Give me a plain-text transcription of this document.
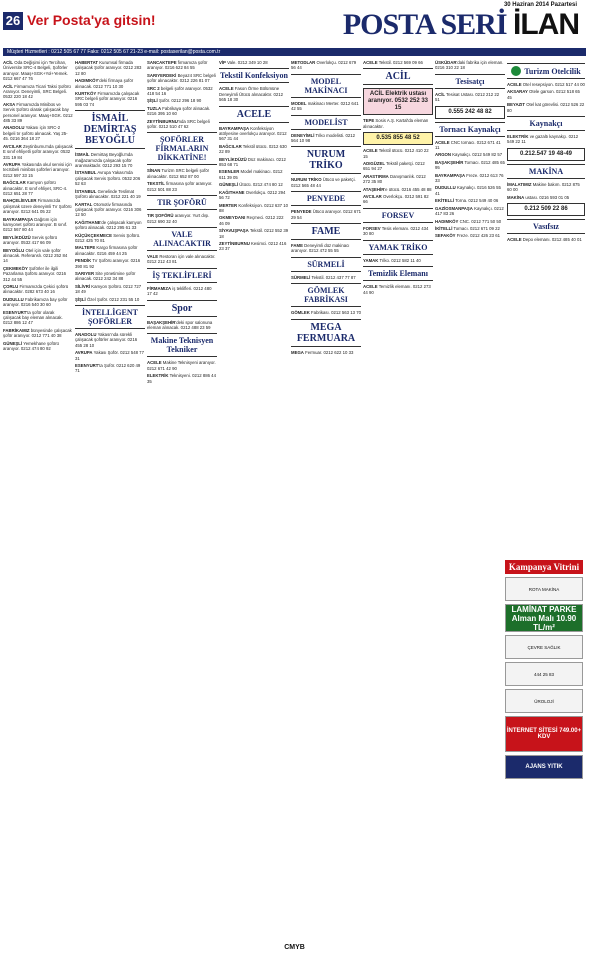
30 Haziran 2014 Pazartesi
26 Ver Posta'ya gitsin!	POSTA SERİ İLAN
Müşteri Hizmetleri : 0212 505 67 77 Faks: 0212 505 67 21-23 e-mail: postaserilan@posta.com.tr

ACİL Oda Değişimi için Tercihan, Üniversite SRC-4 Belgeli, Şoförler aranıyor. Maaş+SGK+Yol+Yemek. 0212 667 47 76

ACİL Firmamıza Ticari Taksi Şoförü Aranıyor. Deneyimli, SRC Belgeli. 0532 220 18 42

AKSA Firmamızda Minibüs ve Servis Şoförü olarak çalışacak bay personel aranıyor. Maaş+SGK. 0212 485 33 89

ANADOLU Yakası için SRC-2 belgeli tır şoförü alınacak. Yaş 25-45. 0216 364 18 27

AVCILAR Zeytinburnu'nda çalışacak E sınıf ehliyetli şoför aranıyor. 0532 331 19 84

AVRUPA Yakasında okul servisi için tecrübeli minibüs şoförleri aranıyor. 0212 597 33 15

BAĞCILAR Kamyon şoförü alınacaktır. E sınıf ehliyet, SRC-4. 0212 651 28 77

BAHÇELİEVLER Firmamızda çalışmak üzere deneyimli Tır Şoförü aranıyor. 0212 641 05 22

BAYRAMPAŞA Dağıtım için kamyonet şoförü aranıyor. B sınıf. 0212 567 80 44

BEYLİKDÜZÜ Servis şoförü aranıyor. 0532 417 66 09

BEYOĞLU Otel için vale şoför alınacak. Referanslı. 0212 252 84 14

ÇEKMEKÖY Şoförler ile ilgili Pazarlama Şoförü aranıyor. 0216 312 44 55

ÇORLU Firmamızda Çekici şoförü alınacaktır. 0282 673 40 16

DUDULLU Fabrikamıza bay şoför aranıyor. 0216 540 30 60

ESENYURT'ta şoför olarak çalışacak bay eleman alınacak. 0212 886 12 47

FABRİKAMIZ bünyesinde çalışacak şoför aranıyor. 0212 771 40 38

GÜNEŞLİ Yemekhane şoförü aranıyor. 0212 474 80 92

HABERTAT Kurumsal firmada çalışacak Şoför aranıyor. 0212 283 12 80

HADIMKÖY'deki firmaya şoför alınacak. 0212 771 10 30

KURTKÖY Firmamızda çalışacak SRC belgeli şoför aranıyor. 0216 595 03 74

İSMAİL DEMİRTAŞ BEYOĞLU

İSMAİL Demirtaş Beyoğlu'nda mağazamızda çalışacak şoför aranmaktadır. 0212 293 15 70

İSTANBUL Avrupa Yakası'nda çalışacak Servis Şoförü. 0532 206 52 63

İSTANBUL Genelinde Teslimat Şoförü alınacaktır. 0212 221 40 19

KARTAL Otomotiv firmasında çalışacak Şoför aranıyor. 0216 306 12 50

KAĞITHANE'de çalışacak kamyon şoförü alınacak. 0212 295 61 33

KÜÇÜKÇEKMECE Servis Şoförü. 0212 425 70 81

MALTEPE Kargo firmasına şoför alınacaktır. 0216 459 44 25

PENDİK Tır Şoförü aranıyor. 0216 390 81 92

SARIYER Site yönetimine şoför alınacak. 0212 242 34 88

SİLİVRİ Kamyon Şoförü. 0212 727 18 49

ŞİŞLİ Özel Şoför. 0212 231 55 10

İNTELLİGENT ŞOFÖRLER

ANADOLU Yakası'nda sürekli çalışacak şoförler aranıyor. 0216 455 28 10

AVRUPA Yakası Şoför. 0212 548 77 31

ESENYURT'ta Şoför. 0212 620 49 71

SANCAKTEPE firmamıza şoför aranıyor. 0216 622 84 55

SARIYERDEKİ Beyazıt SRC belgeli şoför alınacaktır. 0212 226 81 07

SRC 2 belgeli şoför aranıyor. 0532 418 54 16

ŞİŞLİ Şoför. 0212 296 18 90

TUZLA Fabrikaya şoför alınacak. 0216 395 10 60

ZEYTİNBURNU'nda SRC belgeli şoför. 0212 510 47 62

ŞOFÖRLER FİRMALARIN DİKKATİNE!

SİNAN Turizm SRC belgeli şoför alınacaktır. 0212 652 87 00

TEKSTİL firmasına şoför aranıyor. 0212 501 88 23

TIR ŞOFÖRÜ

TIR ŞOFÖRÜ aranıyor. Yurt dışı. 0212 690 32 40

VALE ALINACAKTIR

VALE Restoran için vale alınacaktır. 0212 212 43 81

İŞ TEKLİFLERİ

FİRMAMIZA iş teklifleri. 0212 480 17 42

Spor

BAŞAKŞEHİR'deki spor salonuna eleman alınacak. 0212 488 23 59

Makine Teknisyen Tekniker

ACELE Makine Teknisyeni aranıyor. 0212 671 42 90

ELEKTRİK Teknisyeni. 0212 886 44 35

VİP Vale. 0212 349 10 28

Tekstil Konfeksiyon

ACELE Fason Örme Bölümüne Deneyimli Ütücü alınacaktır. 0212 565 18 30

ACELE

BAYRAMPAŞA Konfeksiyon atölyesine overlokçu aranıyor. 0212 567 31 44

BAĞCILAR Tekstil ütücü. 0212 630 22 89

BEYLİKDÜZÜ Düz makinacı. 0212 853 68 71

ESENLER Model makinacı. 0212 611 39 05

GÜNEŞLİ Ütücü. 0212 474 80 12

KAĞITHANE Overlokçu. 0212 294 56 72

MERTER Konfeksiyon. 0212 637 10 88

OKMEYDANI Reçmeci. 0212 222 46 09

SİYAVUŞPAŞA Tekstil. 0212 552 39 18

ZEYTİNBURNU Kesimci. 0212 416 23 37

METODLAR Overlokçu. 0212 679 56 44

MODEL MAKİNACI

MODEL makinacı Merter. 0212 641 42 55

MODELİST

DENEYİMLİ Triko modelisti. 0212 564 10 98

NURUM TRİKO

NURUM TRİKO Ütücü ve paketçi. 0212 565 48 44

PENYEDE

PENYEDE Ütücü aranıyor. 0212 671 29 54

FAME

FAME Deneyimli düz makinacı aranıyor. 0212 472 55 55

SÜRMELİ

SÜRMELİ Tekstil. 0212 437 77 87

GÖMLEK FABRİKASI

GÖMLEK Fabrikası. 0212 563 13 70

MEGA FERMUARA

MEGA Fermuar. 0212 622 10 33

ACELE Tekstil. 0212 569 09 66

ACİL
ACİL Elektrik ustası aranıyor. 0532 252 33 15

TEPE Sosis A.Ş. Kartal'da eleman alınacaktır.

0.535 855 48 52

ACELE Tekstil ütücü. 0212 410 22 15

ADIGÜZEL Tekstil paketçi. 0212 651 94 27

ARASTIRMA Danışmanlık. 0212 272 35 80

ATAŞEHİR'e ütücü. 0216 455 48 88

AVCILAR Overlokçu. 0212 591 82 66

FORSEV

FORSEV Tesis elemanı. 0212 434 30 80

YAMAK TRİKO

YAMAK Triko. 0212 582 11 40

Temizlik Elemanı

ACELE Temizlik elemanı. 0212 273 44 90

ÜSKÜDAR'daki fabrika için eleman. 0216 310 22 18

Tesisatçı

ACİL Tesisat Ustası. 0212 212 22 51

0.555 242 48 82
Tornacı Kaynakçı

ACELE CNC tornacı. 0212 671 41 11

ARGON Kaynakçı. 0212 549 82 57

BAŞAKŞEHİR Tornacı. 0212 485 65 95

BAYRAMPAŞA Freze. 0212 613 76 33

DUDULLU Kaynakçı. 0216 526 55 41

EKİTELLİ Torna. 0212 549 40 06

GAZİOSMANPAŞA Kaynakçı. 0212 417 83 26

HADIMKÖY CNC. 0212 771 50 50

İKİTELLİ Tornacı. 0212 671 09 22

SEFAKÖY Freze. 0212 426 23 61

Turizm Otelcilik

ACELE Otel resepsiyon. 0212 517 44 00

AKSARAY Otele garson. 0212 518 65 45

BEYAZIT Otel kat görevlisi. 0212 526 22 80

Kaynakçı

ELEKTRİK ve gazaltı kaynakçı. 0212 549 22 11

0.212.547 19 48-49
MAKİNA

İMALATIMIZ Makine bakım. 0212 875 60 00

MAKİNA ustası. 0216 593 01 05

0.212 509 22 86
Vasıfsız

ACELE Depo elemanı. 0212 485 40 01

Kampanya Vitrini
ROTA MAKİNA
LAMİNAT PARKE Alman Malı 10.90 TL/m²
ÇEVRE SAĞLIK
444 25 83
ÜROLOJİ
İNTERNET SİTESİ 749.00+ KDV
AJANS YITIK
CMYB
